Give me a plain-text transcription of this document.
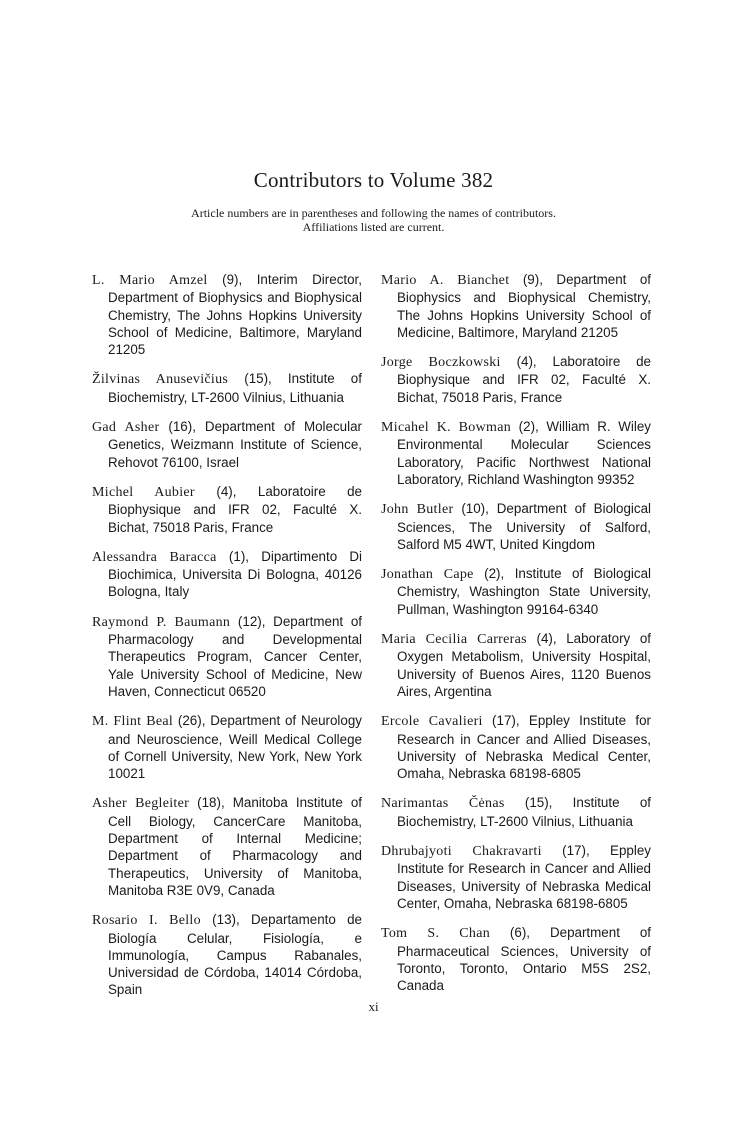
Contributors to Volume 382
Article numbers are in parentheses and following the names of contributors.
Affiliations listed are current.

L. Mario Amzel (9), Interim Director, Department of Biophysics and Biophysical Chemistry, The Johns Hopkins University School of Medicine, Baltimore, Maryland 21205

Žilvinas Anusevičius (15), Institute of Biochemistry, LT-2600 Vilnius, Lithuania

Gad Asher (16), Department of Molecular Genetics, Weizmann Institute of Science, Rehovot 76100, Israel

Michel Aubier (4), Laboratoire de Biophysique and IFR 02, Faculté X. Bichat, 75018 Paris, France

Alessandra Baracca (1), Dipartimento Di Biochimica, Universita Di Bologna, 40126 Bologna, Italy

Raymond P. Baumann (12), Department of Pharmacology and Developmental Therapeutics Program, Cancer Center, Yale University School of Medicine, New Haven, Connecticut 06520

M. Flint Beal (26), Department of Neurology and Neuroscience, Weill Medical College of Cornell University, New York, New York 10021

Asher Begleiter (18), Manitoba Institute of Cell Biology, CancerCare Manitoba, Department of Internal Medicine; Department of Pharmacology and Therapeutics, University of Manitoba, Manitoba R3E 0V9, Canada

Rosario I. Bello (13), Departamento de Biología Celular, Fisiología, e Immunología, Campus Rabanales, Universidad de Córdoba, 14014 Córdoba, Spain

Mario A. Bianchet (9), Department of Biophysics and Biophysical Chemistry, The Johns Hopkins University School of Medicine, Baltimore, Maryland 21205

Jorge Boczkowski (4), Laboratoire de Biophysique and IFR 02, Faculté X. Bichat, 75018 Paris, France

Micahel K. Bowman (2), William R. Wiley Environmental Molecular Sciences Laboratory, Pacific Northwest National Laboratory, Richland Washington 99352

John Butler (10), Department of Biological Sciences, The University of Salford, Salford M5 4WT, United Kingdom

Jonathan Cape (2), Institute of Biological Chemistry, Washington State University, Pullman, Washington 99164-6340

Maria Cecilia Carreras (4), Laboratory of Oxygen Metabolism, University Hospital, University of Buenos Aires, 1120 Buenos Aires, Argentina

Ercole Cavalieri (17), Eppley Institute for Research in Cancer and Allied Diseases, University of Nebraska Medical Center, Omaha, Nebraska 68198-6805

Narimantas Čėnas (15), Institute of Biochemistry, LT-2600 Vilnius, Lithuania

Dhrubajyoti Chakravarti (17), Eppley Institute for Research in Cancer and Allied Diseases, University of Nebraska Medical Center, Omaha, Nebraska 68198-6805

Tom S. Chan (6), Department of Pharmaceutical Sciences, University of Toronto, Toronto, Ontario M5S 2S2, Canada

xi
